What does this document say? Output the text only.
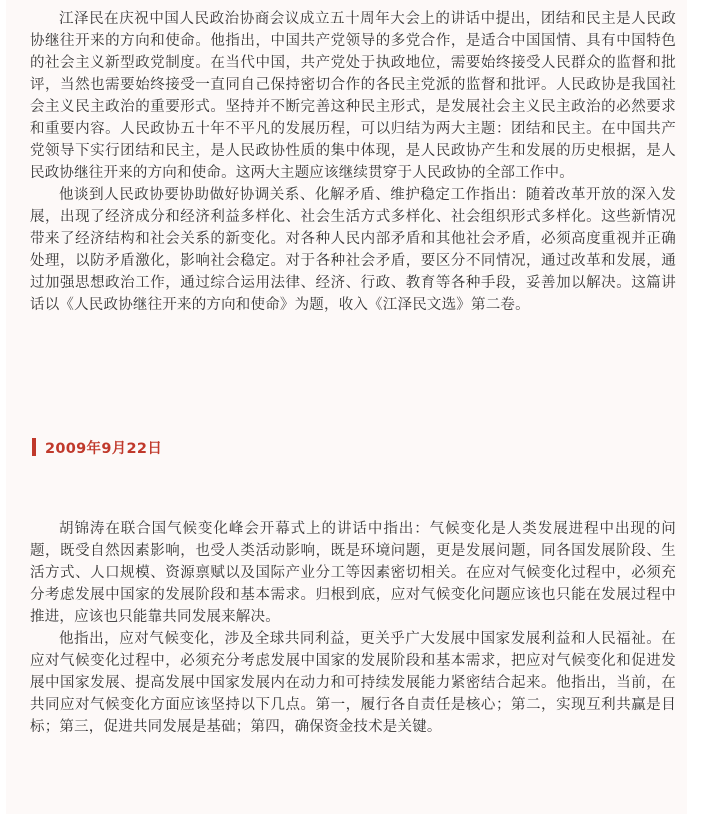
江泽民在庆祝中国人民政治协商会议成立五十周年大会上的讲话中提出，团结和民主是人民政协继往开来的方向和使命。他指出，中国共产党领导的多党合作，是适合中国国情、具有中国特色的社会主义新型政党制度。在当代中国，共产党处于执政地位，需要始终接受人民群众的监督和批评，当然也需要始终接受一直同自己保持密切合作的各民主党派的监督和批评。人民政协是我国社会主义民主政治的重要形式。坚持并不断完善这种民主形式，是发展社会主义民主政治的必然要求和重要内容。人民政协五十年不平凡的发展历程，可以归结为两大主题：团结和民主。在中国共产党领导下实行团结和民主，是人民政协性质的集中体现，是人民政协产生和发展的历史根据，是人民政协继往开来的方向和使命。这两大主题应该继续贯穿于人民政协的全部工作中。

他谈到人民政协要协助做好协调关系、化解矛盾、维护稳定工作指出：随着改革开放的深入发展，出现了经济成分和经济利益多样化、社会生活方式多样化、社会组织形式多样化。这些新情况带来了经济结构和社会关系的新变化。对各种人民内部矛盾和其他社会矛盾，必须高度重视并正确处理，以防矛盾激化，影响社会稳定。对于各种社会矛盾，要区分不同情况，通过改革和发展，通过加强思想政治工作，通过综合运用法律、经济、行政、教育等各种手段，妥善加以解决。这篇讲话以《人民政协继往开来的方向和使命》为题，收入《江泽民文选》第二卷。

2009年9月22日

胡锦涛在联合国气候变化峰会开幕式上的讲话中指出：气候变化是人类发展进程中出现的问题，既受自然因素影响，也受人类活动影响，既是环境问题，更是发展问题，同各国发展阶段、生活方式、人口规模、资源禀赋以及国际产业分工等因素密切相关。在应对气候变化过程中，必须充分考虑发展中国家的发展阶段和基本需求。归根到底，应对气候变化问题应该也只能在发展过程中推进，应该也只能靠共同发展来解决。

他指出，应对气候变化，涉及全球共同利益，更关乎广大发展中国家发展利益和人民福祉。在应对气候变化过程中，必须充分考虑发展中国家的发展阶段和基本需求，把应对气候变化和促进发展中国家发展、提高发展中国家发展内在动力和可持续发展能力紧密结合起来。他指出，当前，在共同应对气候变化方面应该坚持以下几点。第一，履行各自责任是核心；第二，实现互利共赢是目标；第三，促进共同发展是基础；第四，确保资金技术是关键。
